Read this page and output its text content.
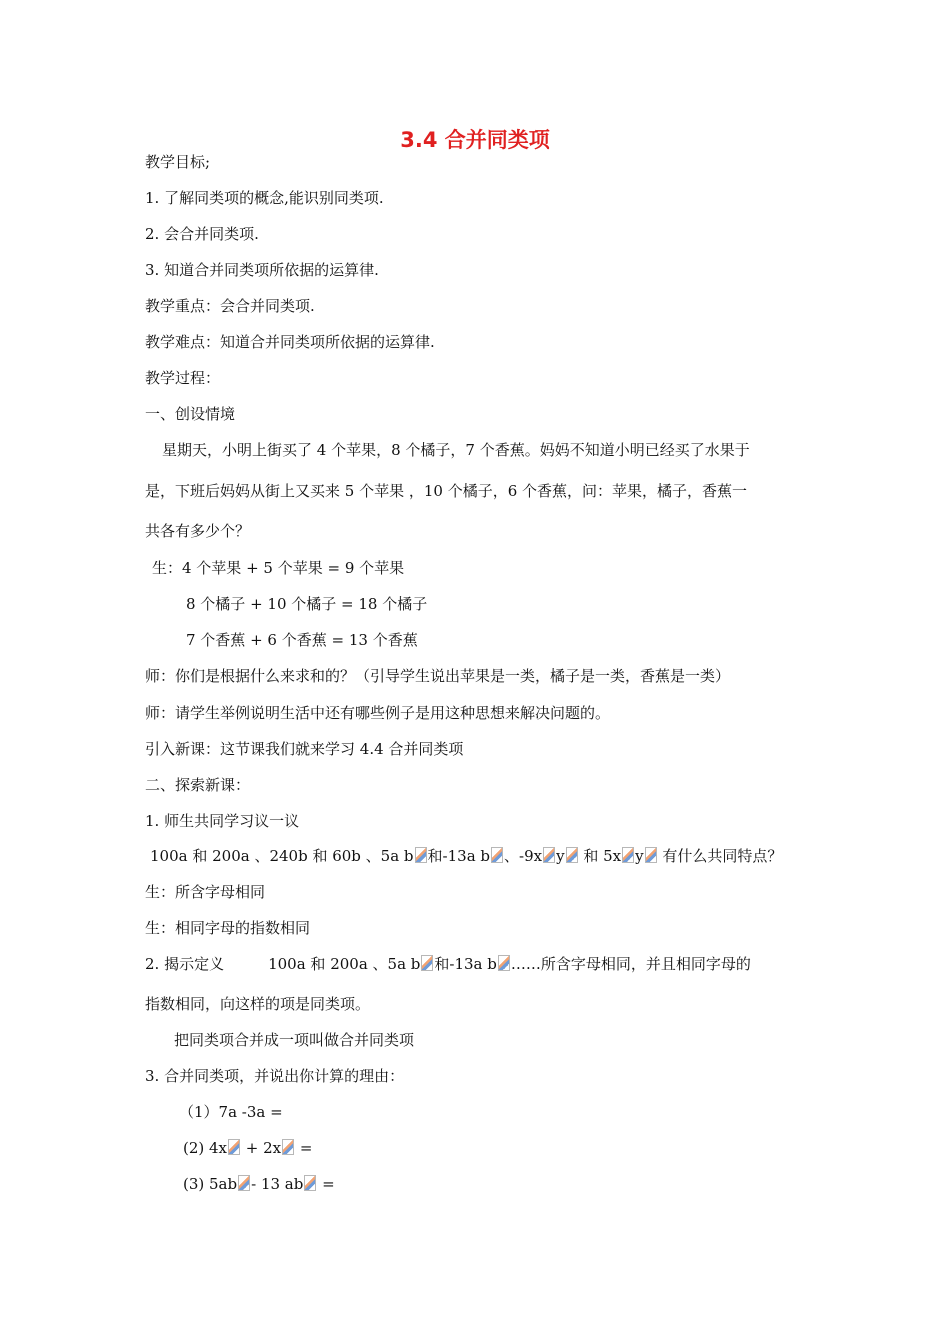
3.4 合并同类项
教学目标;
1. 了解同类项的概念,能识别同类项.
2. 会合并同类项.
3. 知道合并同类项所依据的运算律.
教学重点：会合并同类项.
教学难点：知道合并同类项所依据的运算律.
教学过程：
一、创设情境
星期天，小明上街买了 4 个苹果，8 个橘子，7 个香蕉。妈妈不知道小明已经买了水果于
是，下班后妈妈从街上又买来 5 个苹果 ，10 个橘子，6 个香蕉，问：苹果，橘子，香蕉一
共各有多少个？
生：4 个苹果 + 5 个苹果 = 9 个苹果
8 个橘子 + 10 个橘子 = 18 个橘子
7 个香蕉 + 6 个香蕉 = 13 个香蕉
师：你们是根据什么来求和的？（引导学生说出苹果是一类，橘子是一类，香蕉是一类）
师：请学生举例说明生活中还有哪些例子是用这种思想来解决问题的。
引入新课：这节课我们就来学习 4.4 合并同类项
二、探索新课：
1. 师生共同学习议一议
100a 和 200a 、240b 和 60b 、5a b 和-13a b 、-9x y 和 5x y 有什么共同特点？
生：所含字母相同
生：相同字母的指数相同
2. 揭示定义	100a 和 200a 、5a b 和-13a b ……所含字母相同，并且相同字母的
指数相同，向这样的项是同类项。
把同类项合并成一项叫做合并同类项
3. 合并同类项，并说出你计算的理由：
（1）7a -3a =
(2) 4x + 2x =
(3) 5ab - 13 ab =
